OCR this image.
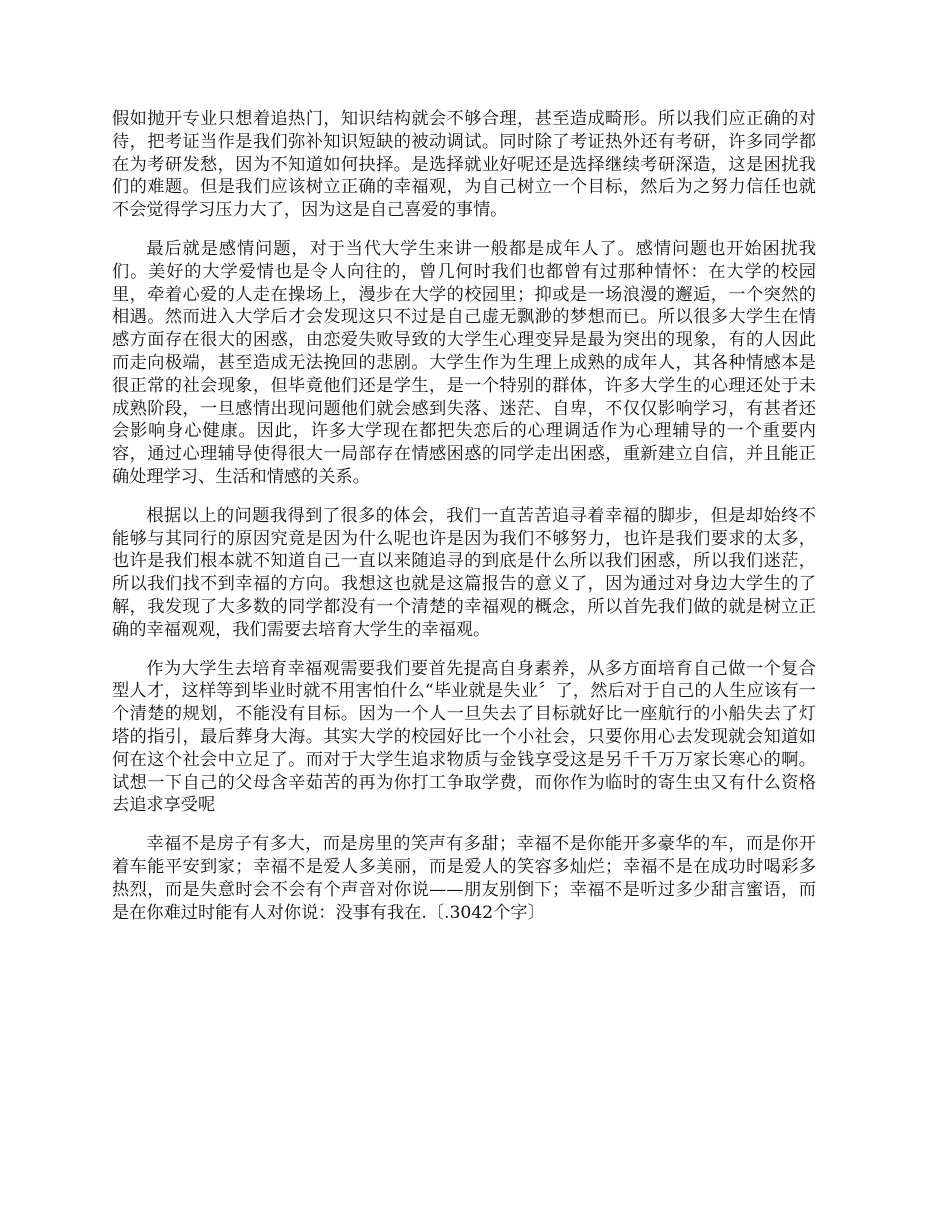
假如抛开专业只想着追热门，知识结构就会不够合理，甚至造成畸形。所以我们应正确的对待，把考证当作是我们弥补知识短缺的被动调试。同时除了考证热外还有考研，许多同学都在为考研发愁，因为不知道如何抉择。是选择就业好呢还是选择继续考研深造，这是困扰我们的难题。但是我们应该树立正确的幸福观，为自己树立一个目标，然后为之努力信任也就不会觉得学习压力大了，因为这是自己喜爱的事情。

最后就是感情问题，对于当代大学生来讲一般都是成年人了。感情问题也开始困扰我们。美好的大学爱情也是令人向往的，曾几何时我们也都曾有过那种情怀：在大学的校园里，牵着心爱的人走在操场上，漫步在大学的校园里；抑或是一场浪漫的邂逅，一个突然的相遇。然而进入大学后才会发现这只不过是自己虚无飘渺的梦想而已。所以很多大学生在情感方面存在很大的困惑，由恋爱失败导致的大学生心理变异是最为突出的现象，有的人因此而走向极端，甚至造成无法挽回的悲剧。大学生作为生理上成熟的成年人，其各种情感本是很正常的社会现象，但毕竟他们还是学生，是一个特别的群体，许多大学生的心理还处于未成熟阶段，一旦感情出现问题他们就会感到失落、迷茫、自卑，不仅仅影响学习，有甚者还会影响身心健康。因此，许多大学现在都把失恋后的心理调适作为心理辅导的一个重要内容，通过心理辅导使得很大一局部存在情感困惑的同学走出困惑，重新建立自信，并且能正确处理学习、生活和情感的关系。

根据以上的问题我得到了很多的体会，我们一直苦苦追寻着幸福的脚步，但是却始终不能够与其同行的原因究竟是因为什么呢也许是因为我们不够努力，也许是我们要求的太多，也许是我们根本就不知道自己一直以来随追寻的到底是什么所以我们困惑，所以我们迷茫，所以我们找不到幸福的方向。我想这也就是这篇报告的意义了，因为通过对身边大学生的了解，我发现了大多数的同学都没有一个清楚的幸福观的概念，所以首先我们做的就是树立正确的幸福观观，我们需要去培育大学生的幸福观。

作为大学生去培育幸福观需要我们要首先提高自身素养，从多方面培育自己做一个复合型人才，这样等到毕业时就不用害怕什么“毕业就是失业〞了，然后对于自己的人生应该有一个清楚的规划，不能没有目标。因为一个人一旦失去了目标就好比一座航行的小船失去了灯塔的指引，最后葬身大海。其实大学的校园好比一个小社会，只要你用心去发现就会知道如何在这个社会中立足了。而对于大学生追求物质与金钱享受这是另千千万万家长寒心的啊。试想一下自己的父母含辛茹苦的再为你打工争取学费，而你作为临时的寄生虫又有什么资格去追求享受呢

幸福不是房子有多大，而是房里的笑声有多甜；幸福不是你能开多豪华的车，而是你开着车能平安到家；幸福不是爱人多美丽，而是爱人的笑容多灿烂；幸福不是在成功时喝彩多热烈，而是失意时会不会有个声音对你说——朋友别倒下；幸福不是听过多少甜言蜜语，而是在你难过时能有人对你说：没事有我在.〔.3042个字〕
